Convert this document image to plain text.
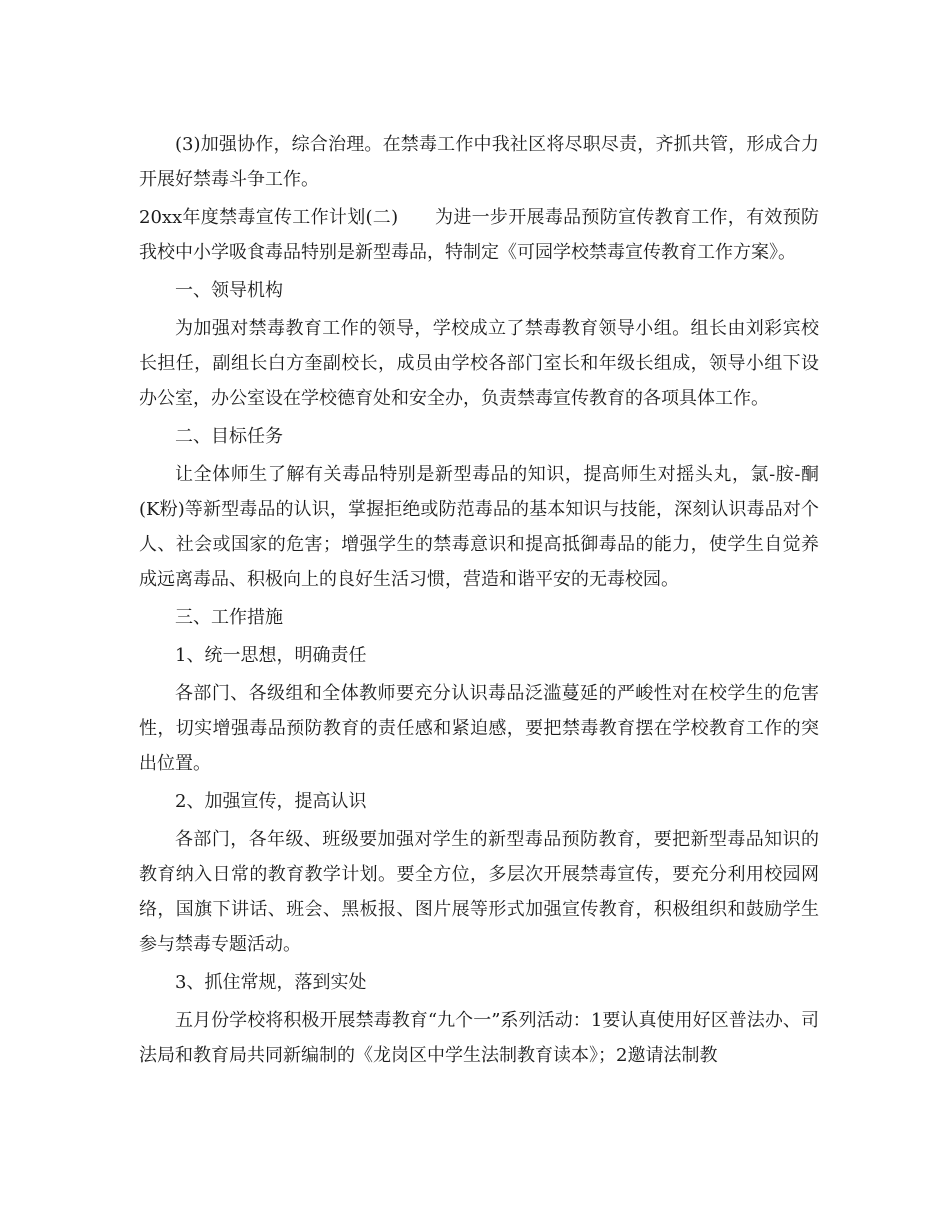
(3)加强协作，综合治理。在禁毒工作中我社区将尽职尽责，齐抓共管，形成合力开展好禁毒斗争工作。

20xx年度禁毒宣传工作计划(二)　　为进一步开展毒品预防宣传教育工作，有效预防我校中小学吸食毒品特别是新型毒品，特制定《可园学校禁毒宣传教育工作方案》。

一、领导机构

为加强对禁毒教育工作的领导，学校成立了禁毒教育领导小组。组长由刘彩宾校长担任，副组长白方奎副校长，成员由学校各部门室长和年级长组成，领导小组下设办公室，办公室设在学校德育处和安全办，负责禁毒宣传教育的各项具体工作。

二、目标任务

让全体师生了解有关毒品特别是新型毒品的知识，提高师生对摇头丸，氯-胺-酮(K粉)等新型毒品的认识，掌握拒绝或防范毒品的基本知识与技能，深刻认识毒品对个人、社会或国家的危害；增强学生的禁毒意识和提高抵御毒品的能力，使学生自觉养成远离毒品、积极向上的良好生活习惯，营造和谐平安的无毒校园。

三、工作措施

1、统一思想，明确责任

各部门、各级组和全体教师要充分认识毒品泛滥蔓延的严峻性对在校学生的危害性，切实增强毒品预防教育的责任感和紧迫感，要把禁毒教育摆在学校教育工作的突出位置。

2、加强宣传，提高认识

各部门，各年级、班级要加强对学生的新型毒品预防教育，要把新型毒品知识的教育纳入日常的教育教学计划。要全方位，多层次开展禁毒宣传，要充分利用校园网络，国旗下讲话、班会、黑板报、图片展等形式加强宣传教育，积极组织和鼓励学生参与禁毒专题活动。

3、抓住常规，落到实处

五月份学校将积极开展禁毒教育“九个一”系列活动：1要认真使用好区普法办、司法局和教育局共同新编制的《龙岗区中学生法制教育读本》；2邀请法制教
